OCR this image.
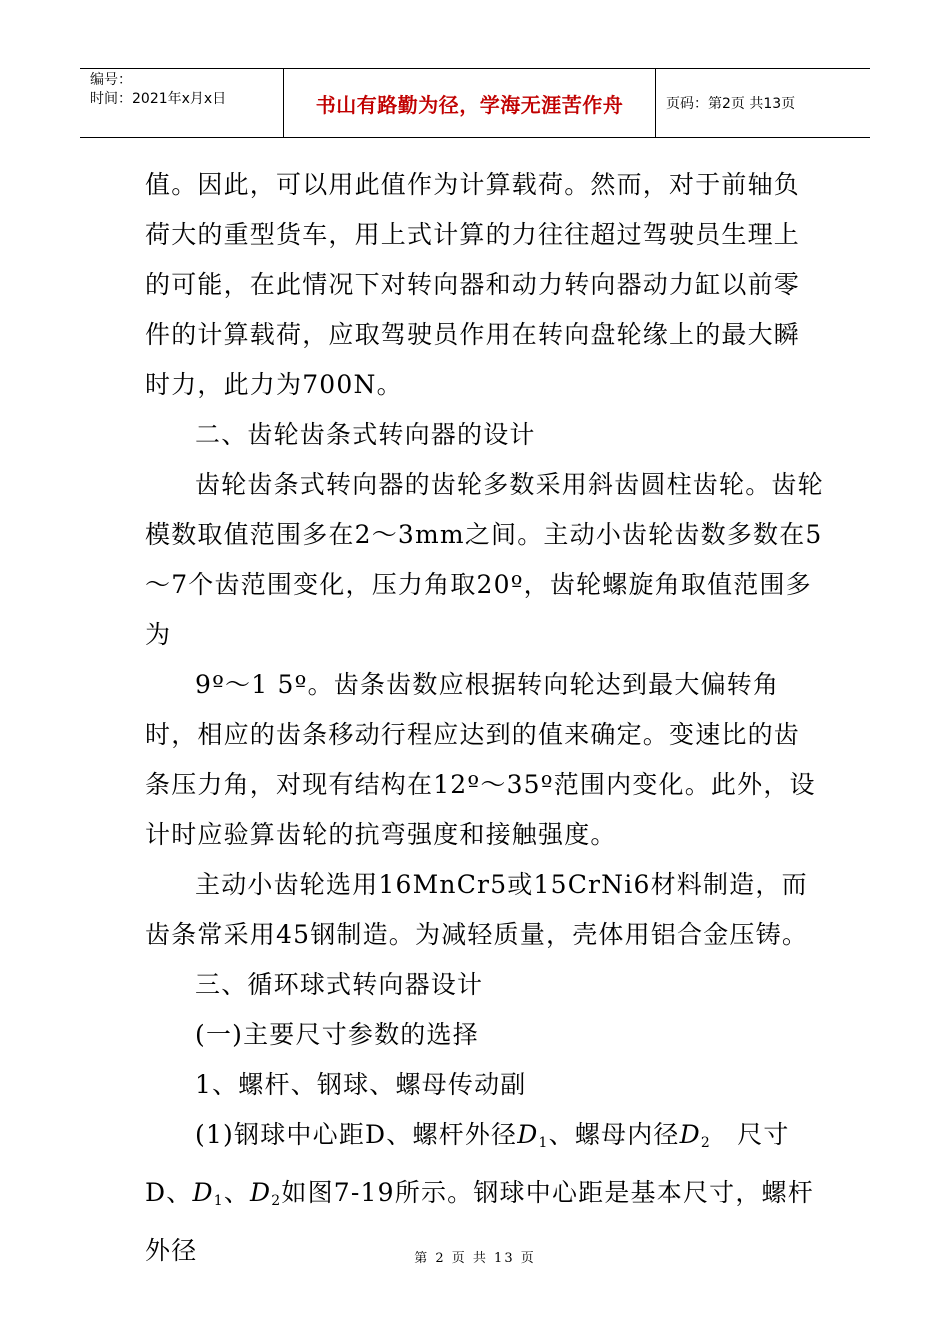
编号：
时间：2021年x月x日	书山有路勤为径，学海无涯苦作舟	页码：第2页 共13页

值。因此，可以用此值作为计算载荷。然而，对于前轴负荷大的重型货车，用上式计算的力往往超过驾驶员生理上的可能，在此情况下对转向器和动力转向器动力缸以前零件的计算载荷，应取驾驶员作用在转向盘轮缘上的最大瞬时力，此力为700N。

二、齿轮齿条式转向器的设计

齿轮齿条式转向器的齿轮多数采用斜齿圆柱齿轮。齿轮模数取值范围多在2～3mm之间。主动小齿轮齿数多数在5～7个齿范围变化，压力角取20º，齿轮螺旋角取值范围多为

9º～1 5º。齿条齿数应根据转向轮达到最大偏转角时，相应的齿条移动行程应达到的值来确定。变速比的齿条压力角，对现有结构在12º～35º范围内变化。此外，设计时应验算齿轮的抗弯强度和接触强度。

主动小齿轮选用16MnCr5或15CrNi6材料制造，而齿条常采用45钢制造。为减轻质量，壳体用铝合金压铸。

三、循环球式转向器设计

(一)主要尺寸参数的选择

1、螺杆、钢球、螺母传动副

(1)钢球中心距D、螺杆外径$D_1$、螺母内径$D_2$　尺寸D、$D_1$、$D_2$如图7-19所示。钢球中心距是基本尺寸，螺杆外径	第 2 页 共 13 页
